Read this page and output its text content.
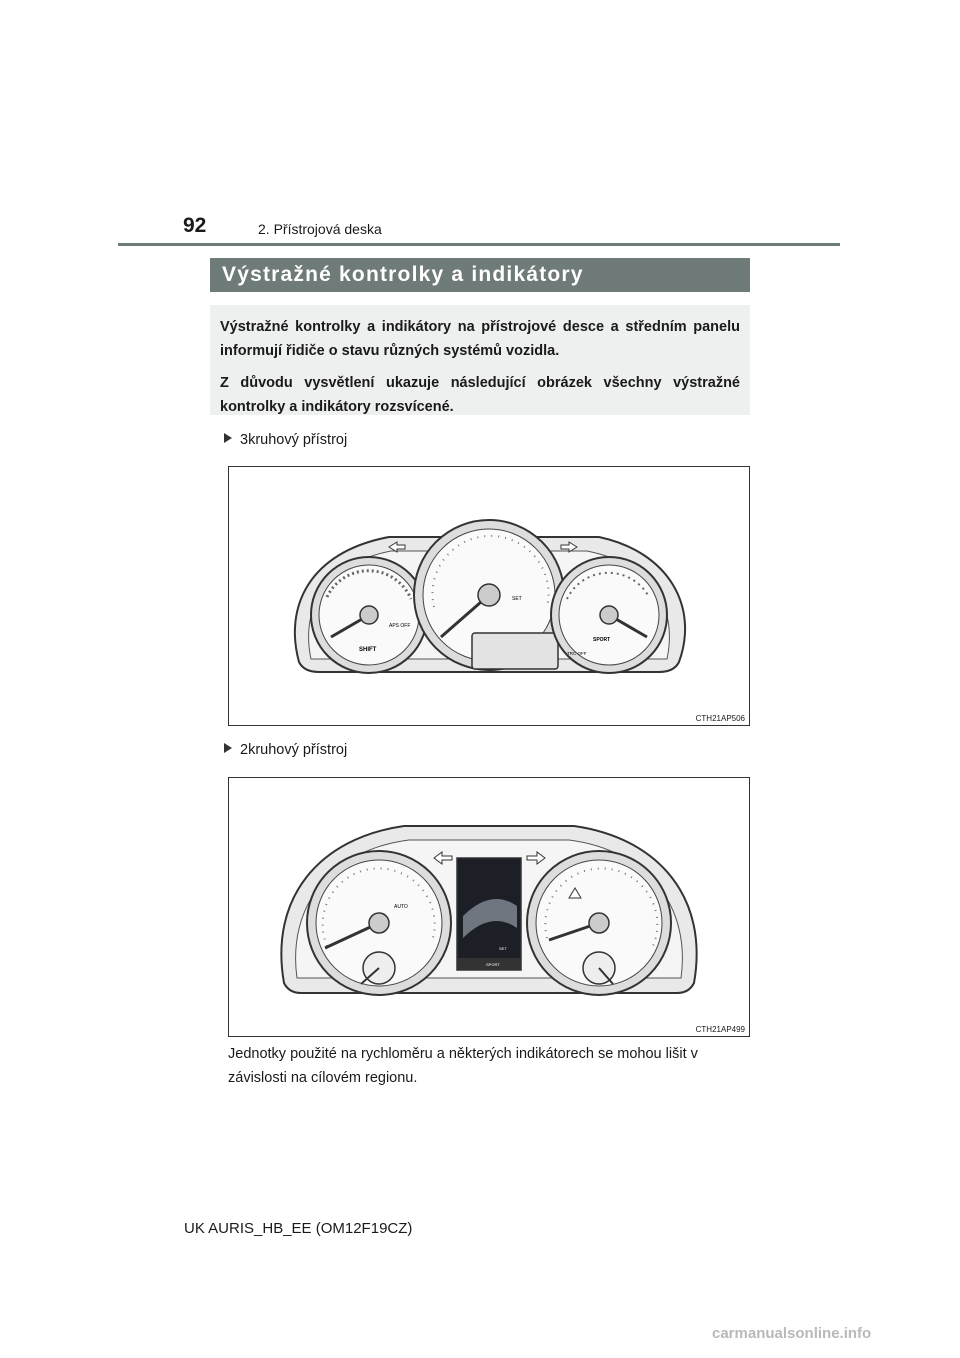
92	2. Přístrojová deska
Výstražné kontrolky a indikátory

Výstražné kontrolky a indikátory na přístrojové desce a středním panelu informují řidiče o stavu různých systémů vozidla.

Z důvodu vysvětlení ukazuje následující obrázek všechny výstražné kontrolky a indikátory rozsvícené.

3kruhový přístroj
SHIFT
APS OFF
SET
SPORT
TRC OFF
CTH21AP506
2kruhový přístroj
AUTO
SPORT
SET
CTH21AP499
Jednotky použité na rychloměru a některých indikátorech se mohou lišit v závislosti na cílovém regionu.
UK AURIS_HB_EE (OM12F19CZ)
carmanualsonline.info
